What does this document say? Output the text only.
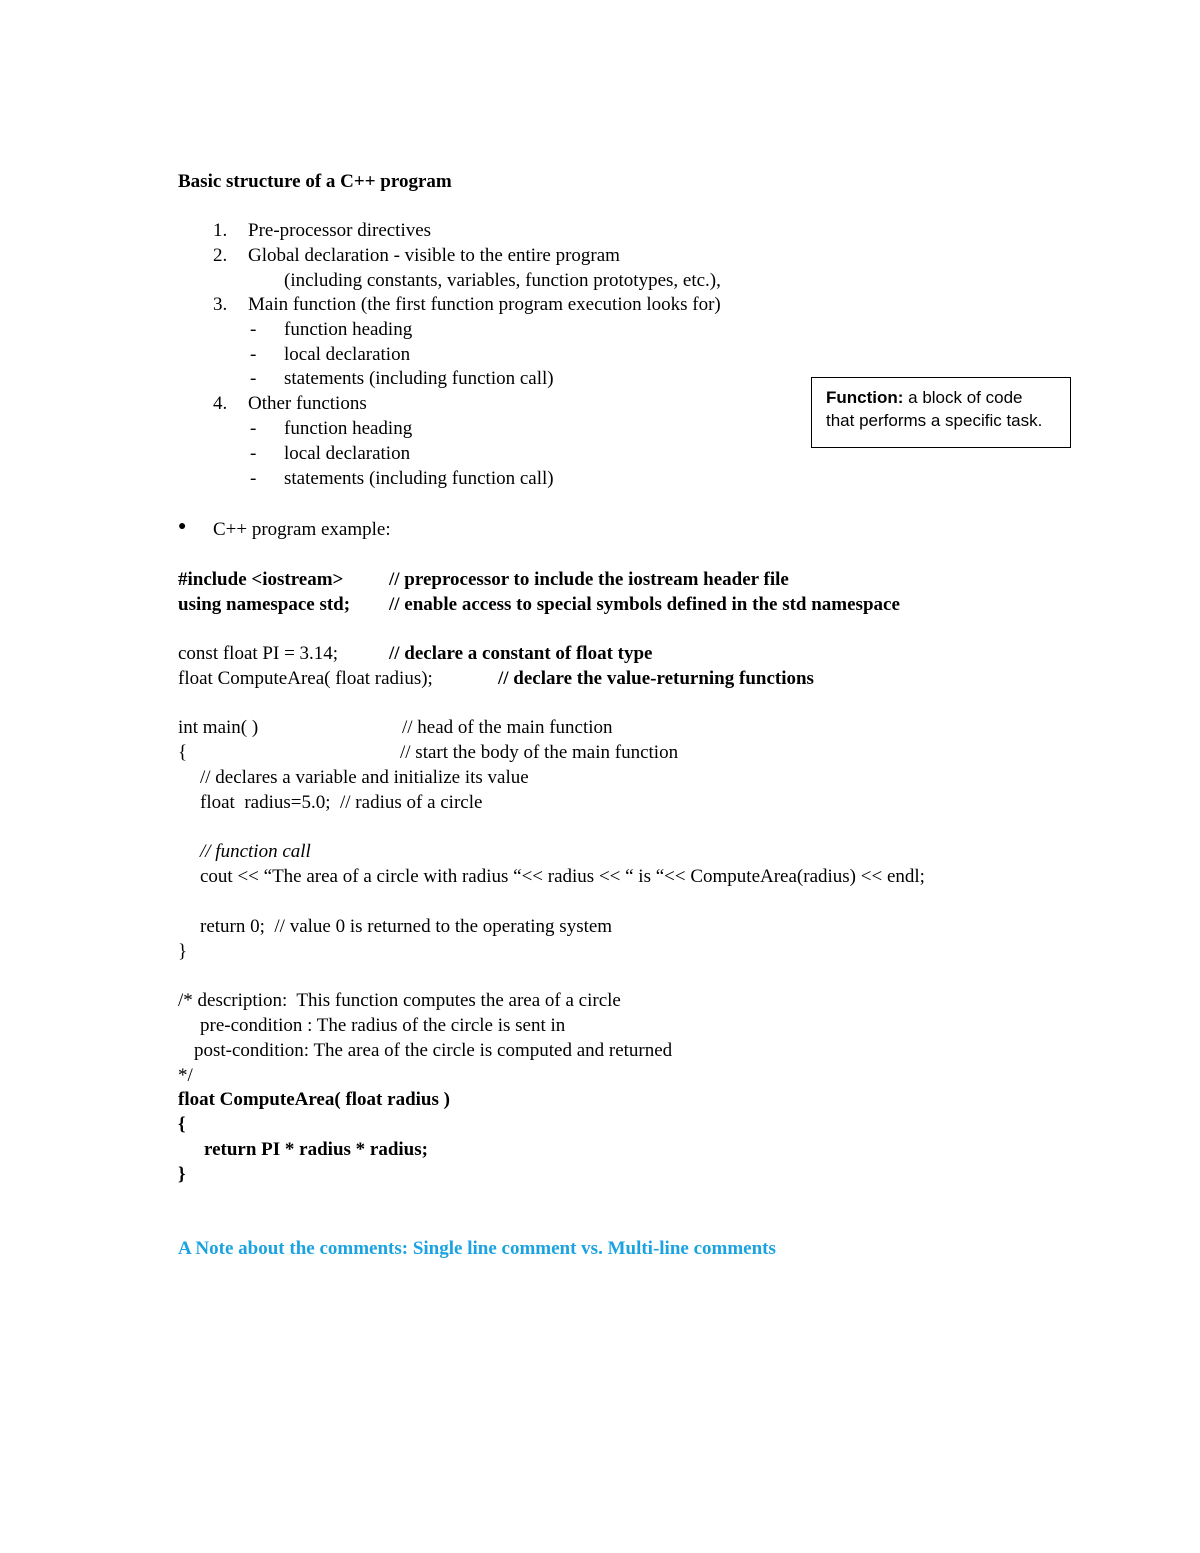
Basic structure of a C++ program
1. Pre-processor directives
2. Global declaration - visible to the entire program
(including constants, variables, function prototypes, etc.),
3. Main function (the first function program execution looks for)
- function heading
- local declaration
- statements (including function call)
4. Other functions
- function heading
- local declaration
- statements (including function call)
Function: a block of code
that performs a specific task.
● C++ program example:
#include <iostream> // preprocessor to include the iostream header file
using namespace std; // enable access to special symbols defined in the std namespace
const float PI = 3.14;	// declare a constant of float type
float ComputeArea( float radius);	// declare the value-returning functions
int main( )	// head of the main function
{	// start the body of the main function
// declares a variable and initialize its value
float  radius=5.0;  // radius of a circle
// function call
cout << “The area of a circle with radius “<< radius << “ is “<< ComputeArea(radius) << endl;
return 0;  // value 0 is returned to the operating system
}
/* description:  This function computes the area of a circle
pre-condition : The radius of the circle is sent in
post-condition: The area of the circle is computed and returned
*/
float ComputeArea( float radius )
{
return PI * radius * radius;
}
A Note about the comments: Single line comment vs. Multi-line comments
